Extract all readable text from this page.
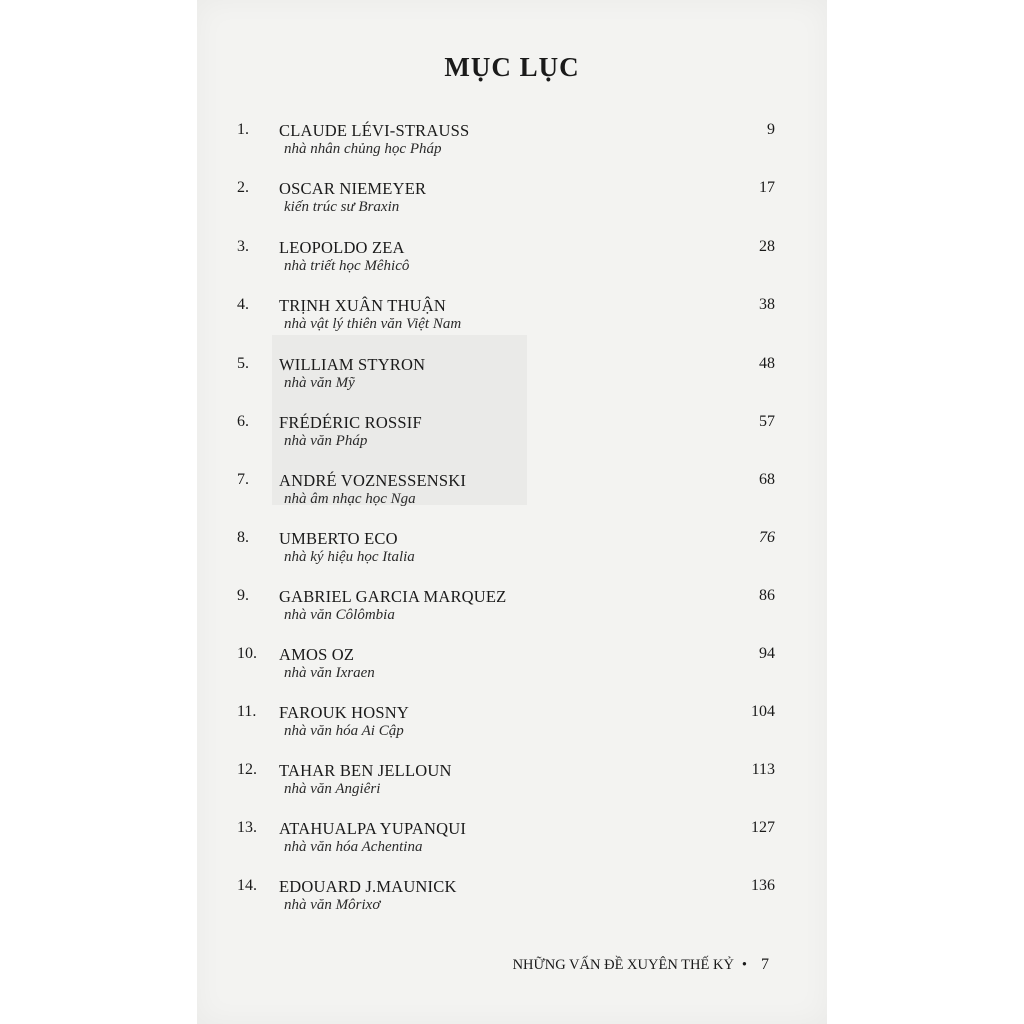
MỤC LỤC
1.	CLAUDE LÉVI-STRAUSS	9
nhà nhân chủng học Pháp
2.	OSCAR NIEMEYER	17
kiến trúc sư Braxin
3.	LEOPOLDO ZEA	28
nhà triết học Mêhicô
4.	TRỊNH XUÂN THUẬN	38
nhà vật lý thiên văn Việt Nam
5.	WILLIAM STYRON	48
nhà văn Mỹ
6.	FRÉDÉRIC ROSSIF	57
nhà văn Pháp
7.	ANDRÉ VOZNESSENSKI	68
nhà âm nhạc học Nga
8.	UMBERTO ECO	76
nhà ký hiệu học Italia
9.	GABRIEL GARCIA MARQUEZ	86
nhà văn Côlômbia
10.	AMOS OZ	94
nhà văn Ixraen
11.	FAROUK HOSNY	104
nhà văn hóa Ai Cập
12.	TAHAR BEN JELLOUN	113
nhà văn Angiêri
13.	ATAHUALPA YUPANQUI	127
nhà văn hóa Achentina
14.	EDOUARD J.MAUNICK	136
nhà văn Môrixơ
NHỮNG VẤN ĐỀ XUYÊN THẾ KỶ • 7
